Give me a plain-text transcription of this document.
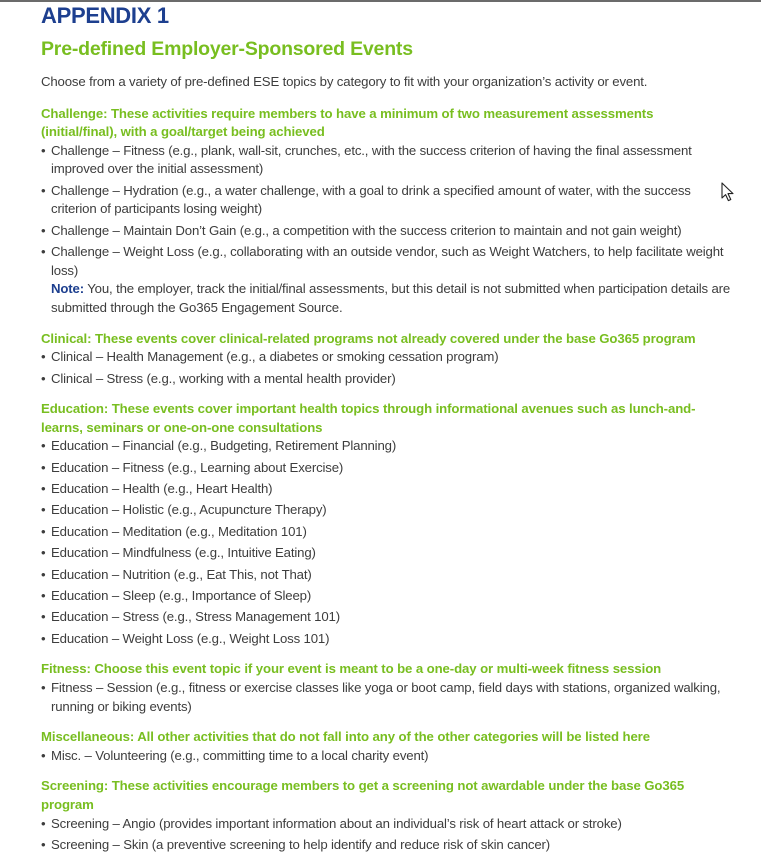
APPENDIX 1
Pre-defined Employer-Sponsored Events

Choose from a variety of pre-defined ESE topics by category to fit with your organization’s activity or event.

Challenge: These activities require members to have a minimum of two measurement assessments (initial/final), with a goal/target being achieved

• Challenge – Fitness (e.g., plank, wall-sit, crunches, etc., with the success criterion of having the final assessment improved over the initial assessment)
• Challenge – Hydration (e.g., a water challenge, with a goal to drink a specified amount of water, with the success criterion of participants losing weight)
• Challenge – Maintain Don’t Gain (e.g., a competition with the success criterion to maintain and not gain weight)
• Challenge – Weight Loss (e.g., collaborating with an outside vendor, such as Weight Watchers, to help facilitate weight loss)

Note: You, the employer, track the initial/final assessments, but this detail is not submitted when participation details are submitted through the Go365 Engagement Source.

Clinical: These events cover clinical-related programs not already covered under the base Go365 program

• Clinical – Health Management (e.g., a diabetes or smoking cessation program)
• Clinical – Stress (e.g., working with a mental health provider)

Education: These events cover important health topics through informational avenues such as lunch-and-learns, seminars or one-on-one consultations

• Education – Financial (e.g., Budgeting, Retirement Planning)
• Education – Fitness (e.g., Learning about Exercise)
• Education – Health (e.g., Heart Health)
• Education – Holistic (e.g., Acupuncture Therapy)
• Education – Meditation (e.g., Meditation 101)
• Education – Mindfulness (e.g., Intuitive Eating)
• Education – Nutrition (e.g., Eat This, not That)
• Education – Sleep (e.g., Importance of Sleep)
• Education – Stress (e.g., Stress Management 101)
• Education – Weight Loss (e.g., Weight Loss 101)

Fitness: Choose this event topic if your event is meant to be a one-day or multi-week fitness session

• Fitness – Session (e.g., fitness or exercise classes like yoga or boot camp, field days with stations, organized walking, running or biking events)

Miscellaneous: All other activities that do not fall into any of the other categories will be listed here

• Misc. – Volunteering (e.g., committing time to a local charity event)

Screening: These activities encourage members to get a screening not awardable under the base Go365 program

• Screening – Angio (provides important information about an individual’s risk of heart attack or stroke)
• Screening – Skin (a preventive screening to help identify and reduce risk of skin cancer)
